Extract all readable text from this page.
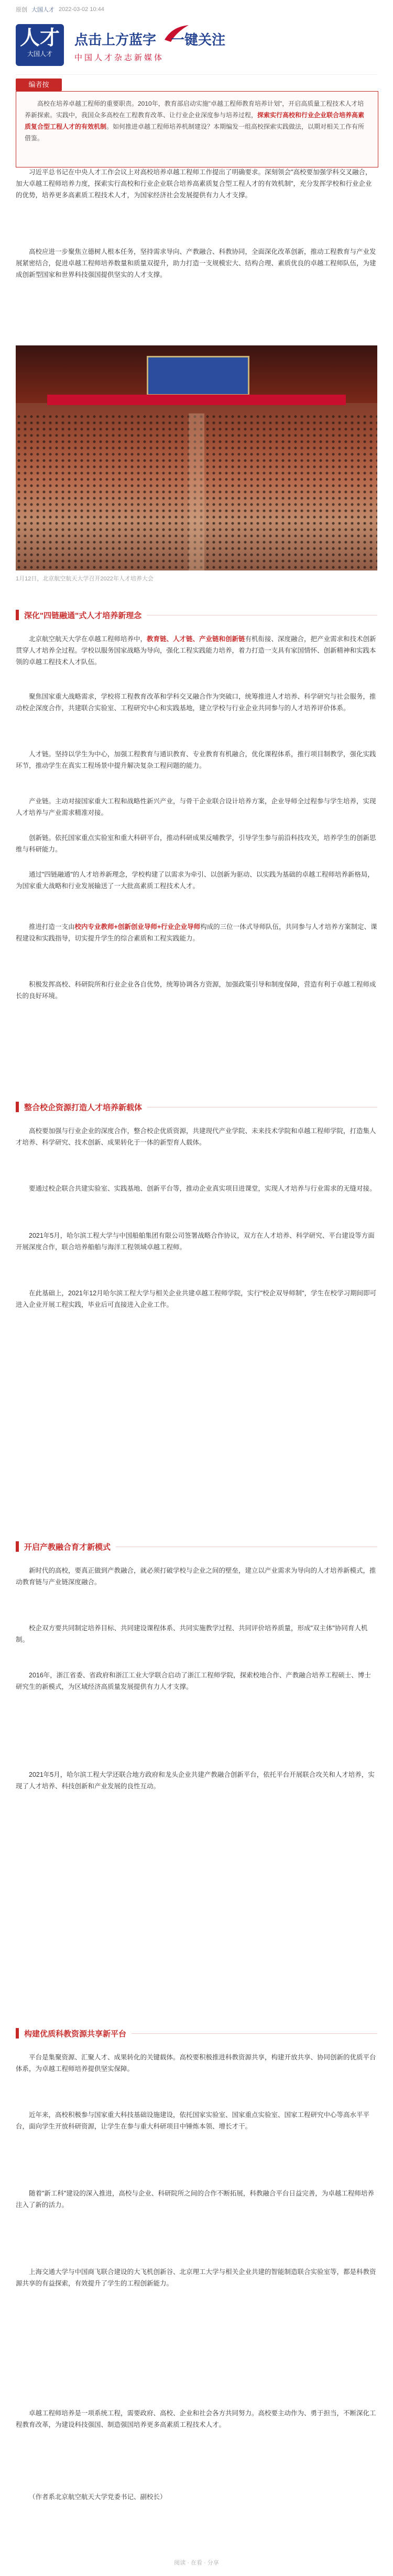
原创 大国人才 2022-03-02 10:44
人才
大国人才
点击上方蓝字 一键关注
中国人才杂志新媒体
编者按
　　高校在培养卓越工程师的重要职责。2010年，教育部启动实施"卓越工程师教育培养计划"，开启高质量工程技术人才培养新探索。实践中，我国众多高校在工程教育改革、让行业企业深度参与培养过程，探索实行高校和行业企业联合培养高素质复合型工程人才的有效机制。如何推进卓越工程师培养机制建设？本期编发一组高校探索实践做法，以期对相关工作有所借鉴。

习近平总书记在中央人才工作会议上对高校培养卓越工程师工作提出了明确要求。深刻领会"高校要加强学科交叉融合，加大卓越工程师培养力度，探索实行高校和行业企业联合培养高素质复合型工程人才的有效机制"，充分发挥学校和行业企业的优势，培养更多高素质工程技术人才，为国家经济社会发展提供有力人才支撑。

高校应进一步聚焦立德树人根本任务，坚持需求导向、产教融合、科教协同，全面深化改革创新，推动工程教育与产业发展紧密结合，促进卓越工程师培养数量和质量双提升，助力打造一支规模宏大、结构合理、素质优良的卓越工程师队伍，为建成创新型国家和世界科技强国提供坚实的人才支撑。

1月12日，北京航空航天大学召开2022年人才培养大会
深化"四链融通"式人才培养新理念

北京航空航天大学在卓越工程师培养中，教育链、人才链、产业链和创新链有机衔接、深度融合，把产业需求和技术创新贯穿人才培养全过程。学校以服务国家战略为导向，强化工程实践能力培养，着力打造一支具有家国情怀、创新精神和实践本领的卓越工程技术人才队伍。

聚焦国家重大战略需求，学校将工程教育改革和学科交叉融合作为突破口，统筹推进人才培养、科学研究与社会服务，推动校企深度合作，共建联合实验室、工程研究中心和实践基地，建立学校与行业企业共同参与的人才培养评价体系。

人才链。坚持以学生为中心，加强工程教育与通识教育、专业教育有机融合，优化课程体系，推行项目制教学，强化实践环节，推动学生在真实工程场景中提升解决复杂工程问题的能力。

产业链。主动对接国家重大工程和战略性新兴产业，与骨干企业联合设计培养方案，企业导师全过程参与学生培养，实现人才培养与产业需求精准对接。

创新链。依托国家重点实验室和重大科研平台，推动科研成果反哺教学，引导学生参与前沿科技攻关，培养学生的创新思维与科研能力。

通过"四链融通"的人才培养新理念，学校构建了以需求为牵引、以创新为驱动、以实践为基础的卓越工程师培养新格局，为国家重大战略和行业发展输送了一大批高素质工程技术人才。

推进打造一支由校内专业教师+创新创业导师+行业企业导师构成的三位一体式导师队伍，共同参与人才培养方案制定、课程建设和实践指导，切实提升学生的综合素质和工程实践能力。

积极发挥高校、科研院所和行业企业各自优势，统筹协调各方资源，加强政策引导和制度保障，营造有利于卓越工程师成长的良好环境。

整合校企资源打造人才培养新载体

高校要加强与行业企业的深度合作，整合校企优质资源，共建现代产业学院、未来技术学院和卓越工程师学院，打造集人才培养、科学研究、技术创新、成果转化于一体的新型育人载体。

要通过校企联合共建实验室、实践基地、创新平台等，推动企业真实项目进课堂，实现人才培养与行业需求的无缝对接。

2021年5月，哈尔滨工程大学与中国船舶集团有限公司签署战略合作协议，双方在人才培养、科学研究、平台建设等方面开展深度合作，联合培养船舶与海洋工程领域卓越工程师。

在此基础上，2021年12月哈尔滨工程大学与相关企业共建卓越工程师学院，实行"校企双导师制"，学生在校学习期间即可进入企业开展工程实践，毕业后可直接进入企业工作。

开启产教融合育才新模式

新时代的高校，要真正做到产教融合，就必须打破学校与企业之间的壁垒，建立以产业需求为导向的人才培养新模式，推动教育链与产业链深度融合。

校企双方要共同制定培养目标、共同建设课程体系、共同实施教学过程、共同评价培养质量，形成"双主体"协同育人机制。

2016年，浙江省委、省政府和浙江工业大学联合启动了浙江工程师学院，探索校地合作、产教融合培养工程硕士、博士研究生的新模式，为区域经济高质量发展提供有力人才支撑。

2021年5月，哈尔滨工程大学还联合地方政府和龙头企业共建产教融合创新平台，依托平台开展联合攻关和人才培养，实现了人才培养、科技创新和产业发展的良性互动。

构建优质科教资源共享新平台

平台是集聚资源、汇聚人才、成果转化的关键载体。高校要积极推进科教资源共享，构建开放共享、协同创新的优质平台体系，为卓越工程师培养提供坚实保障。

近年来，高校积极参与国家重大科技基础设施建设，依托国家实验室、国家重点实验室、国家工程研究中心等高水平平台，面向学生开放科研资源，让学生在参与重大科研项目中锤炼本领、增长才干。

随着"新工科"建设的深入推进，高校与企业、科研院所之间的合作不断拓展，科教融合平台日益完善，为卓越工程师培养注入了新的活力。

上海交通大学与中国商飞联合建设的大飞机创新谷、北京理工大学与相关企业共建的智能制造联合实验室等，都是科教资源共享的有益探索，有效提升了学生的工程创新能力。

卓越工程师培养是一项系统工程，需要政府、高校、企业和社会各方共同努力。高校要主动作为、勇于担当，不断深化工程教育改革，为建设科技强国、制造强国培养更多高素质工程技术人才。

（作者系北京航空航天大学党委书记、副校长）
阅读 · 在看 · 分享
